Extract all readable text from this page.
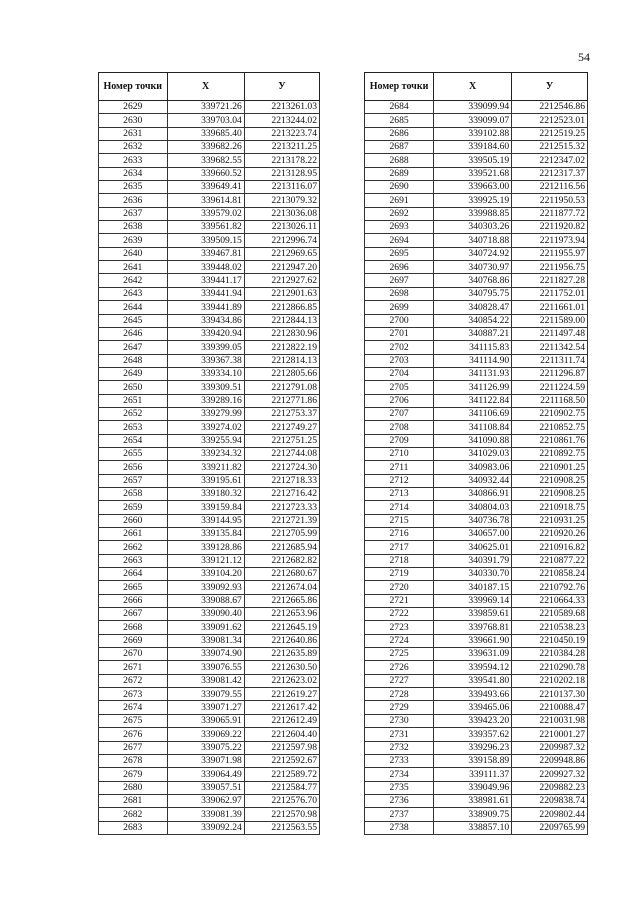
54
Номер точки	X	У
2629	339721.26	2213261.03
2630	339703.04	2213244.02
2631	339685.40	2213223.74
2632	339682.26	2213211.25
2633	339682.55	2213178.22
2634	339660.52	2213128.95
2635	339649.41	2213116.07
2636	339614.81	2213079.32
2637	339579.02	2213036.08
2638	339561.82	2213026.11
2639	339509.15	2212996.74
2640	339467.81	2212969.65
2641	339448.02	2212947.20
2642	339441.17	2212927.62
2643	339441.94	2212901.63
2644	339441.89	2212866.85
2645	339434.86	2212844.13
2646	339420.94	2212830.96
2647	339399.05	2212822.19
2648	339367.38	2212814.13
2649	339334.10	2212805.66
2650	339309.51	2212791.08
2651	339289.16	2212771.86
2652	339279.99	2212753.37
2653	339274.02	2212749.27
2654	339255.94	2212751.25
2655	339234.32	2212744.08
2656	339211.82	2212724.30
2657	339195.61	2212718.33
2658	339180.32	2212716.42
2659	339159.84	2212723.33
2660	339144.95	2212721.39
2661	339135.84	2212705.99
2662	339128.86	2212685.94
2663	339121.12	2212682.82
2664	339104.20	2212680.67
2665	339092.93	2212674.04
2666	339088.67	2212665.86
2667	339090.40	2212653.96
2668	339091.62	2212645.19
2669	339081.34	2212640.86
2670	339074.90	2212635.89
2671	339076.55	2212630.50
2672	339081.42	2212623.02
2673	339079.55	2212619.27
2674	339071.27	2212617.42
2675	339065.91	2212612.49
2676	339069.22	2212604.40
2677	339075.22	2212597.98
2678	339071.98	2212592.67
2679	339064.49	2212589.72
2680	339057.51	2212584.77
2681	339062.97	2212576.70
2682	339081.39	2212570.98
2683	339092.24	2212563.55
Номер точки	X	У
2684	339099.94	2212546.86
2685	339099.07	2212523.01
2686	339102.88	2212519.25
2687	339184.60	2212515.32
2688	339505.19	2212347.02
2689	339521.68	2212317.37
2690	339663.00	2212116.56
2691	339925.19	2211950.53
2692	339988.85	2211877.72
2693	340303.26	2211920.82
2694	340718.88	2211973.94
2695	340724.92	2211955.97
2696	340730.97	2211956.75
2697	340768.86	2211827.28
2698	340795.75	2211752.01
2699	340828.47	2211661.01
2700	340854.22	2211589.00
2701	340887.21	2211497.48
2702	341115.83	2211342.54
2703	341114.90	2211311.74
2704	341131.93	2211296.87
2705	341126.99	2211224.59
2706	341122.84	2211168.50
2707	341106.69	2210902.75
2708	341108.84	2210852.75
2709	341090.88	2210861.76
2710	341029.03	2210892.75
2711	340983.06	2210901.25
2712	340932.44	2210908.25
2713	340866.91	2210908.25
2714	340804.03	2210918.75
2715	340736.78	2210931.25
2716	340657.00	2210920.26
2717	340625.01	2210916.82
2718	340391.79	2210877.22
2719	340330.70	2210858.24
2720	340187.15	2210792.76
2721	339969.14	2210664.33
2722	339859.61	2210589.68
2723	339768.81	2210538.23
2724	339661.90	2210450.19
2725	339631.09	2210384.28
2726	339594.12	2210290.78
2727	339541.80	2210202.18
2728	339493.66	2210137.30
2729	339465.06	2210088.47
2730	339423.20	2210031.98
2731	339357.62	2210001.27
2732	339296.23	2209987.32
2733	339158.89	2209948.86
2734	339111.37	2209927.32
2735	339049.96	2209882.23
2736	338981.61	2209838.74
2737	338909.75	2209802.44
2738	338857.10	2209765.99
